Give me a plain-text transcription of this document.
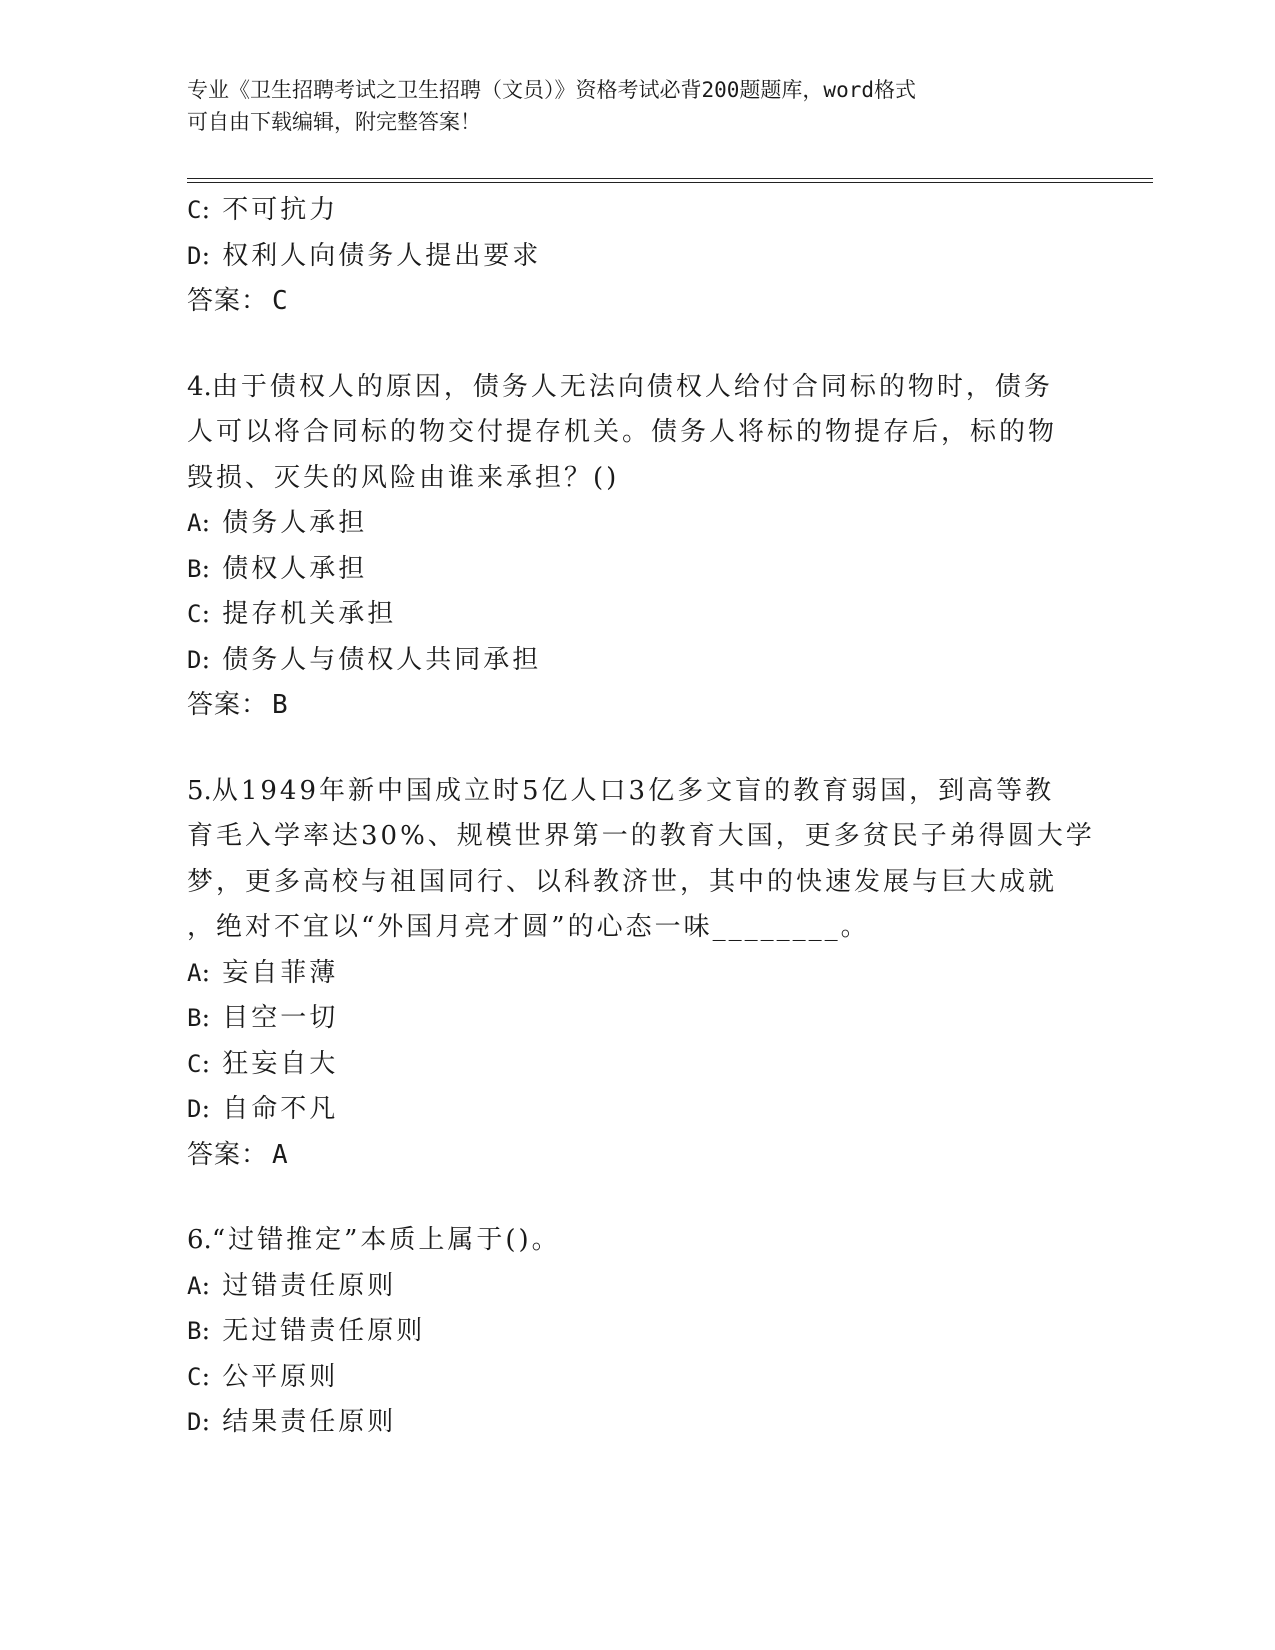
专业《卫生招聘考试之卫生招聘（文员）》资格考试必背200题题库，word格式

可自由下载编辑，附完整答案！

C: 不可抗力

D: 权利人向债务人提出要求

答案： C

4.由于债权人的原因，债务人无法向债权人给付合同标的物时，债务

人可以将合同标的物交付提存机关。债务人将标的物提存后，标的物

毁损、灭失的风险由谁来承担？()

A: 债务人承担

B: 债权人承担

C: 提存机关承担

D: 债务人与债权人共同承担

答案： B

5.从1949年新中国成立时5亿人口3亿多文盲的教育弱国，到高等教

育毛入学率达30%、规模世界第一的教育大国，更多贫民子弟得圆大学

梦，更多高校与祖国同行、以科教济世，其中的快速发展与巨大成就

，绝对不宜以“外国月亮才圆”的心态一味________。

A: 妄自菲薄

B: 目空一切

C: 狂妄自大

D: 自命不凡

答案： A

6.“过错推定”本质上属于()。

A: 过错责任原则

B: 无过错责任原则

C: 公平原则

D: 结果责任原则
